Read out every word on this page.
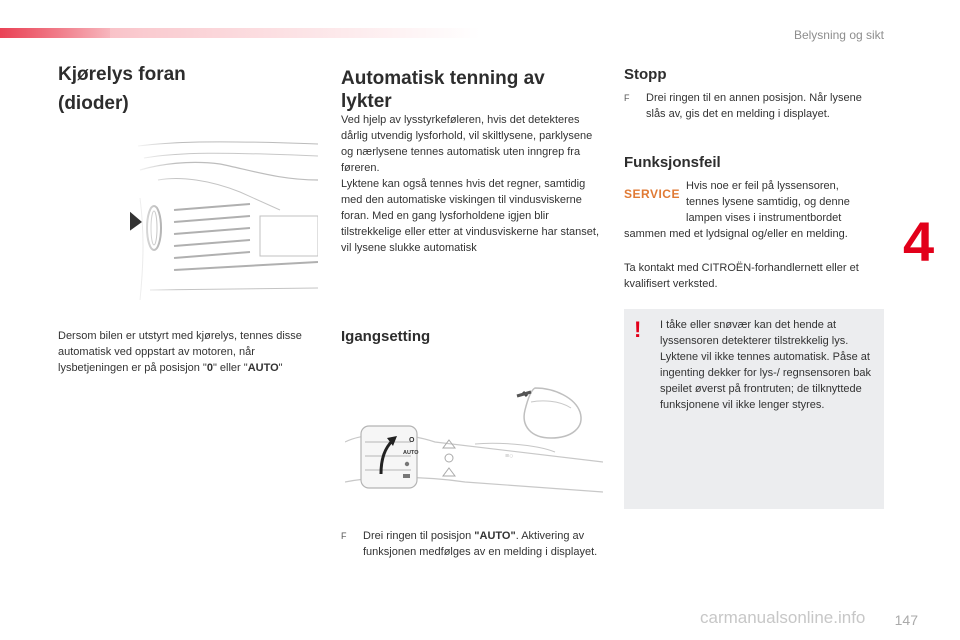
Belysning og sikt
4
Kjørelys foran
(dioder)

Dersom bilen er utstyrt med kjørelys, tennes disse automatisk ved oppstart av motoren, når lysbetjeningen er på posisjon "0" eller "AUTO"

Automatisk tenning av
lykter

Ved hjelp av lysstyrkeføleren, hvis det detekteres dårlig utvendig lysforhold, vil skiltlysene, parklysene og nærlysene tennes automatisk uten inngrep fra føreren.
Lyktene kan også tennes hvis det regner, samtidig med den automatiske viskingen til vindusviskerne foran. Med en gang lysforholdene igjen blir tilstrekkelige eller etter at vindusviskerne har stanset, vil lysene slukke automatisk

Igangsetting
O
AUTO	≡○
F	Drei ringen til posisjon "AUTO". Aktivering av funksjonen medfølges av en melding i displayet.
Stopp
F	Drei ringen til en annen posisjon. Når lysene slås av, gis det en melding i displayet.
Funksjonsfeil
SERVICE

Hvis noe er feil på lyssensoren, tennes lysene samtidig, og denne lampen vises i instrumentbordet

sammen med et lydsignal og/eller en melding.

Ta kontakt med CITROËN-forhandlernett eller et kvalifisert verksted.

! I tåke eller snøvær kan det hende at lyssensoren detekterer tilstrekkelig lys. Lyktene vil ikke tennes automatisk. Påse at ingenting dekker for lys-/ regnsensoren bak speilet øverst på frontruten; de tilknyttede funksjonene vil ikke lenger styres.

carmanualsonline.info 147
